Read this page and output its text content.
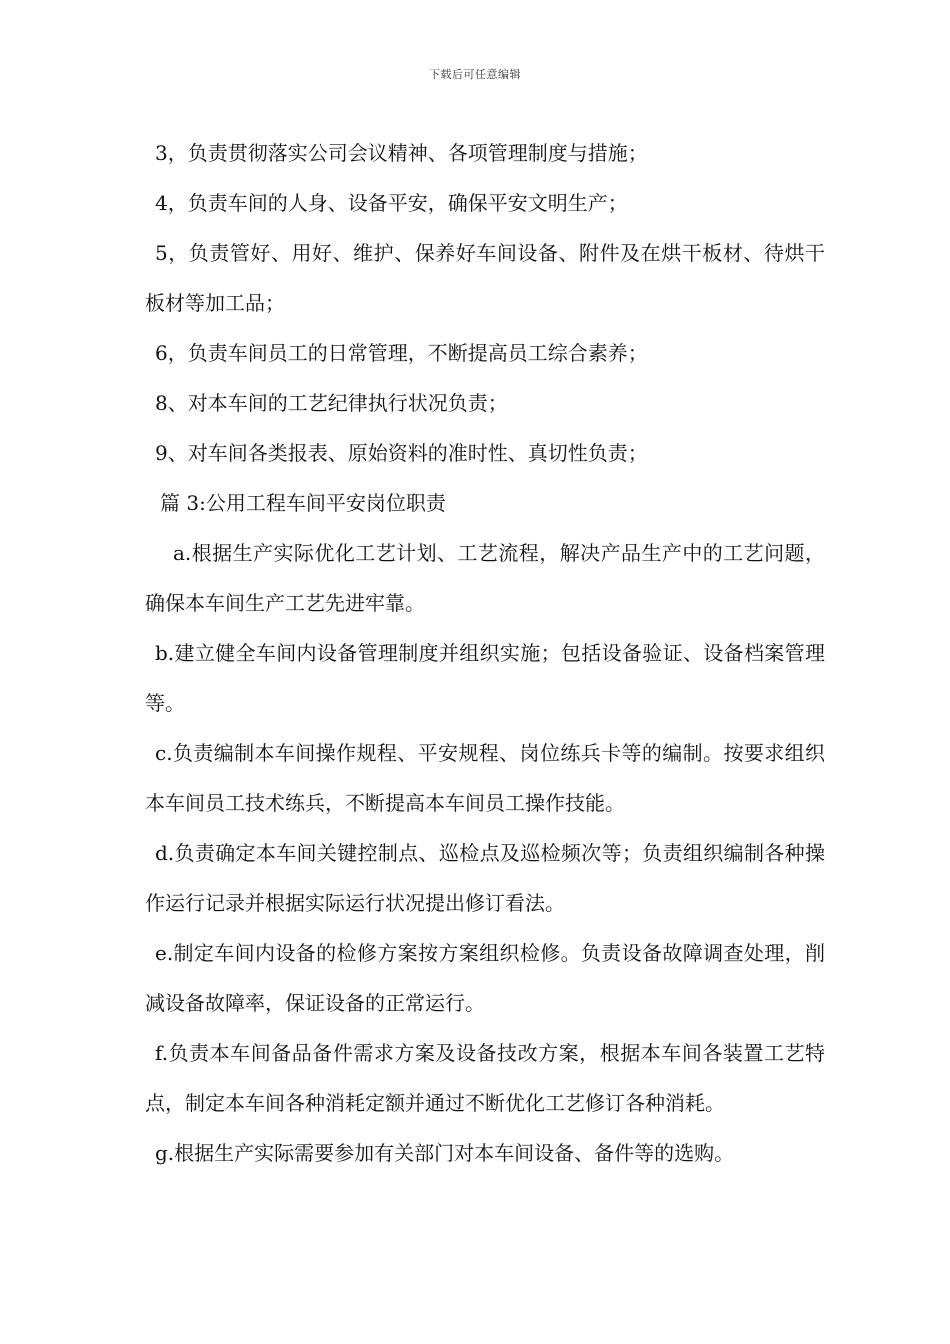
下载后可任意编辑

3，负责贯彻落实公司会议精神、各项管理制度与措施；

4，负责车间的人身、设备平安，确保平安文明生产；

5，负责管好、用好、维护、保养好车间设备、附件及在烘干板材、待烘干板材等加工品；

6，负责车间员工的日常管理，不断提高员工综合素养；

8、对本车间的工艺纪律执行状况负责；

9、对车间各类报表、原始资料的准时性、真切性负责；

篇 3:公用工程车间平安岗位职责

a.根据生产实际优化工艺计划、工艺流程，解决产品生产中的工艺问题，确保本车间生产工艺先进牢靠。

b.建立健全车间内设备管理制度并组织实施；包括设备验证、设备档案管理等。

c.负责编制本车间操作规程、平安规程、岗位练兵卡等的编制。按要求组织本车间员工技术练兵，不断提高本车间员工操作技能。

d.负责确定本车间关键控制点、巡检点及巡检频次等；负责组织编制各种操作运行记录并根据实际运行状况提出修订看法。

e.制定车间内设备的检修方案按方案组织检修。负责设备故障调查处理，削减设备故障率，保证设备的正常运行。

f.负责本车间备品备件需求方案及设备技改方案，根据本车间各装置工艺特点，制定本车间各种消耗定额并通过不断优化工艺修订各种消耗。

g.根据生产实际需要参加有关部门对本车间设备、备件等的选购。
